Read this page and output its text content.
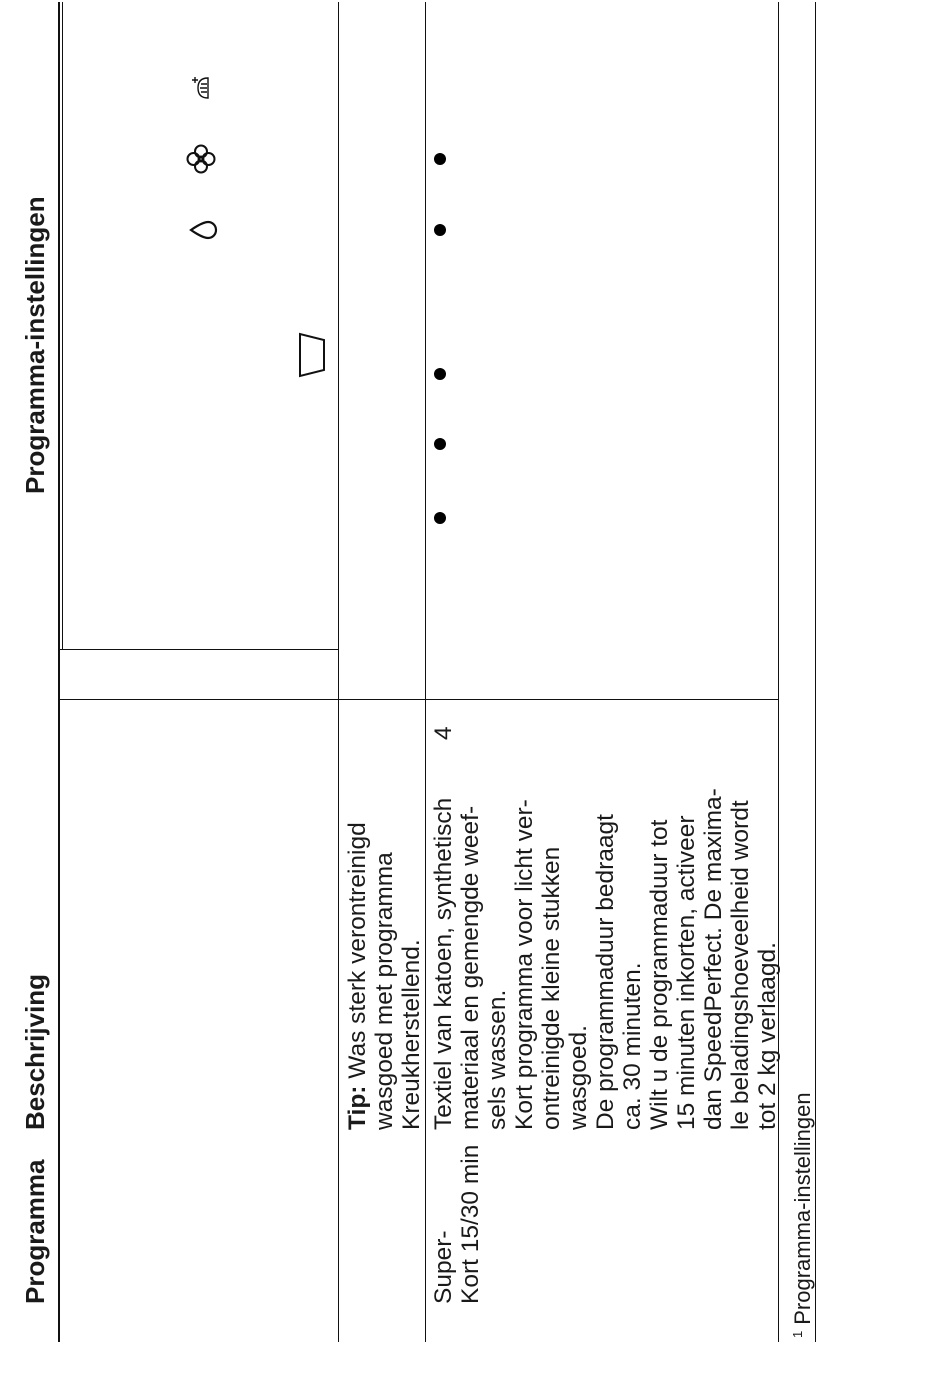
Programma
Beschrijving
Programma-instellingen
Tip: Was sterk verontreinigd
wasgoed met programma
Kreukherstellend.
Super-
Kort 15/30 min
Textiel van katoen, synthetisch
materiaal en gemengde weef-
sels wassen.
Kort programma voor licht ver-
ontreinigde kleine stukken
wasgoed.
De programmaduur bedraagt
ca. 30 minuten.
Wilt u de programmaduur tot
15 minuten inkorten, activeer
dan SpeedPerfect. De maxima-
le beladingshoeveelheid wordt
tot 2 kg verlaagd.
4
$^1$Programma-instellingen
